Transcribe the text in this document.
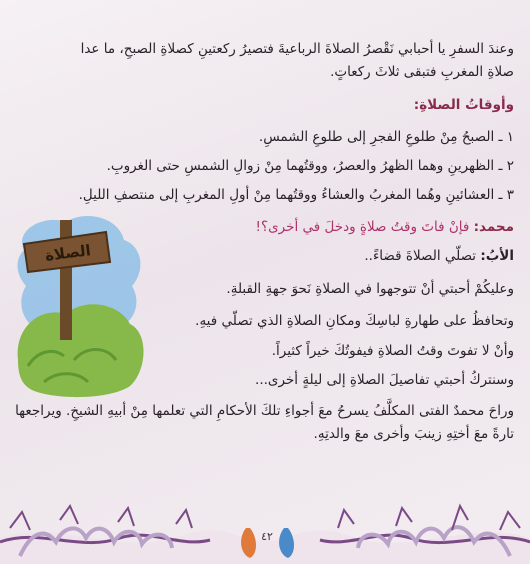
وعندَ السفرِ يا أحبابي نَقْصرُ الصلاةَ الرباعيةَ فتصيرُ ركعتينِ كصلاةِ الصبحِ، ما عدا
صلاةِ المغربِ فتبقى ثلاثَ ركعاتٍ.
وأوقاتُ الصلاةِ:
١ ـ الصبحُ مِنْ طلوعِ الفجرِ إلى طلوعِ الشمسِ.
٢ ـ الظهرينِ وهما الظهرُ والعصرُ، ووقتُهما مِنْ زوالِ الشمسِ حتى الغروبِ.
٣ ـ العشائينِ وهُما المغربُ والعشاءُ ووقتُهما مِنْ أولِ المغربِ إلى منتصفِ الليلِ.
محمد: فإنْ فاتَ وقتُ صلاةٍ ودخلَ في أخرى؟!
الأبُ: تصلّي الصلاةَ قضاءً..
وعليكُمْ أحبتي أنْ تتوجهوا في الصلاةِ نَحوَ جهةِ القبلةِ.
وتحافظُ على طهارةِ لباسِكَ ومكانِ الصلاةِ الذي تصلّي فيهِ.
وأنْ لا تفوتَ وقتُ الصلاةِ فيفوتُكَ خيراً كثيراً.
وسنتركُ أحبتي تفاصيلَ الصلاةِ إلى ليلةٍ أخرى...
وراحَ محمدٌ الفتى المكلَّفُ يسرحُ معَ أجواءِ تلكَ الأحكامِ التي تعلمها مِنْ أبيهِ الشيخِ. ويراجعها
تارةً معَ أختِهِ زينبَ وأخرى معَ والدتِهِ.
الصلاة
٤٢
